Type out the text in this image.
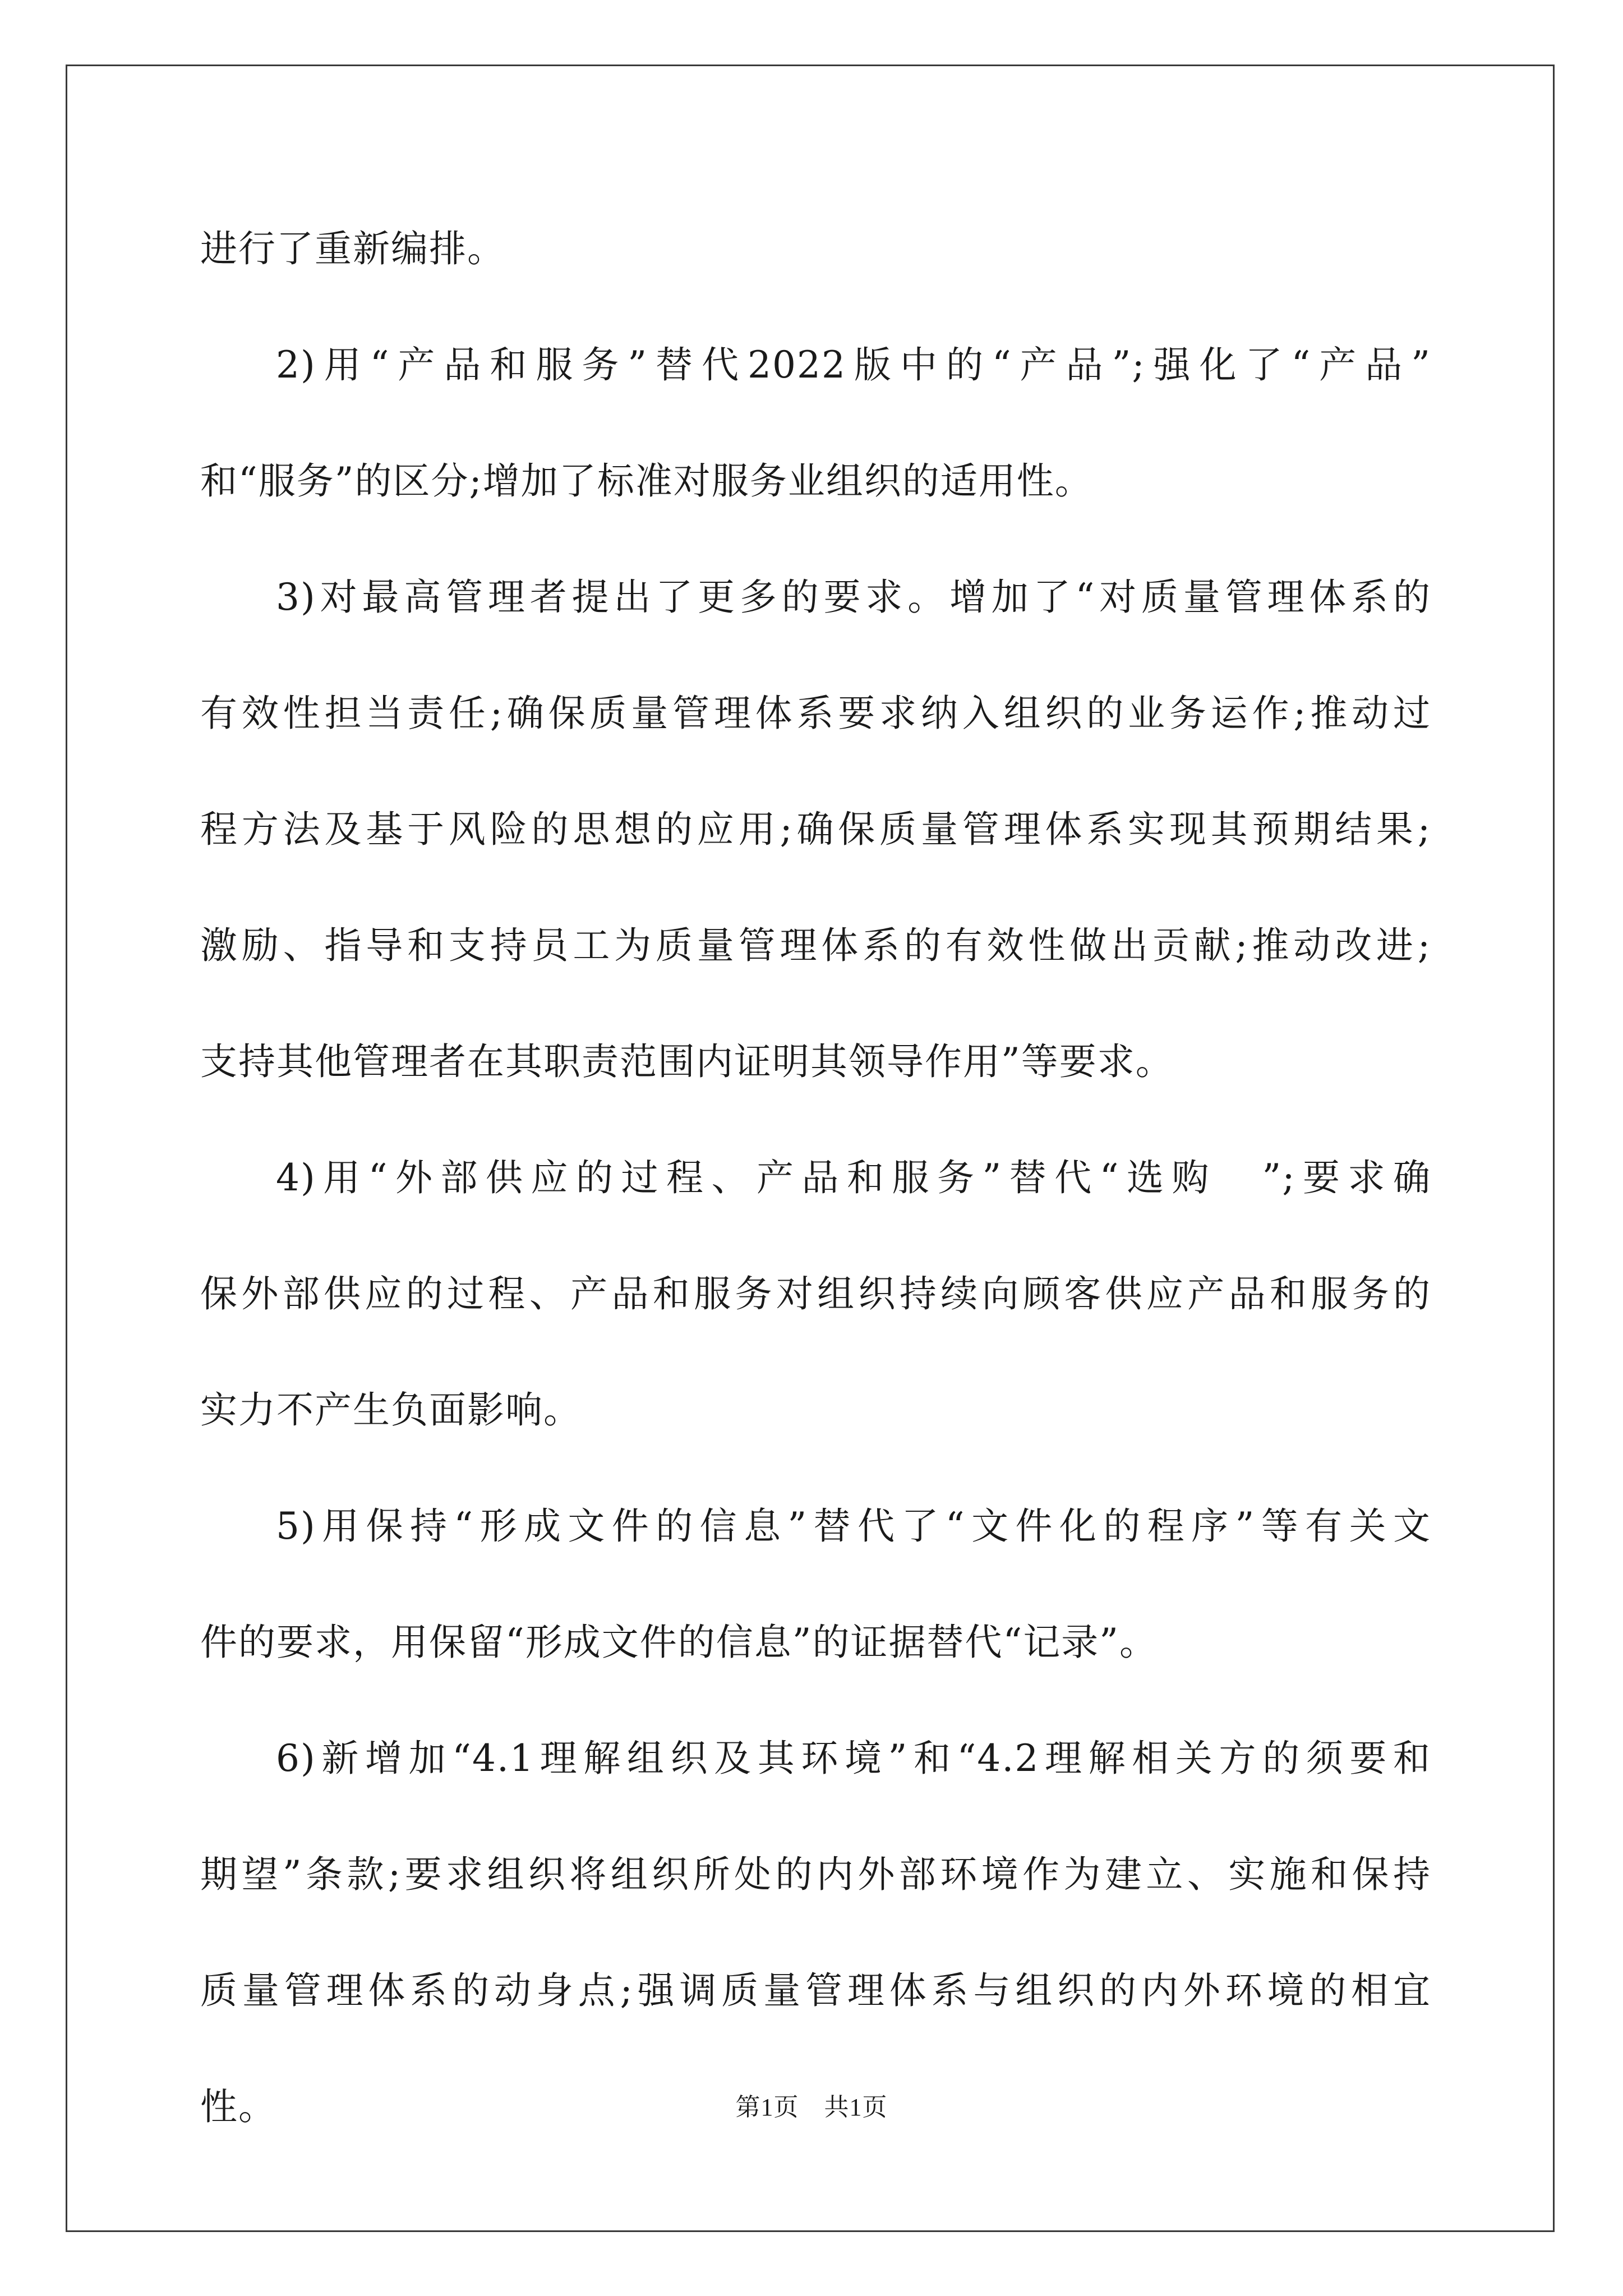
进行了重新编排。
2)用“产品和服务”替代2022版中的“产品”;强化了“产品”
和“服务”的区分;增加了标准对服务业组织的适用性。
3)对最高管理者提出了更多的要求。增加了“对质量管理体系的
有效性担当责任;确保质量管理体系要求纳入组织的业务运作;推动过
程方法及基于风险的思想的应用;确保质量管理体系实现其预期结果;
激励、指导和支持员工为质量管理体系的有效性做出贡献;推动改进;
支持其他管理者在其职责范围内证明其领导作用”等要求。
4)用“外部供应的过程、产品和服务”替代“选购　”;要求确
保外部供应的过程、产品和服务对组织持续向顾客供应产品和服务的
实力不产生负面影响。
5)用保持“形成文件的信息”替代了“文件化的程序”等有关文
件的要求，用保留“形成文件的信息”的证据替代“记录”。
6)新增加“4.1理解组织及其环境”和“4.2理解相关方的须要和
期望”条款;要求组织将组织所处的内外部环境作为建立、实施和保持
质量管理体系的动身点;强调质量管理体系与组织的内外环境的相宜
性。	第1页　共1页
